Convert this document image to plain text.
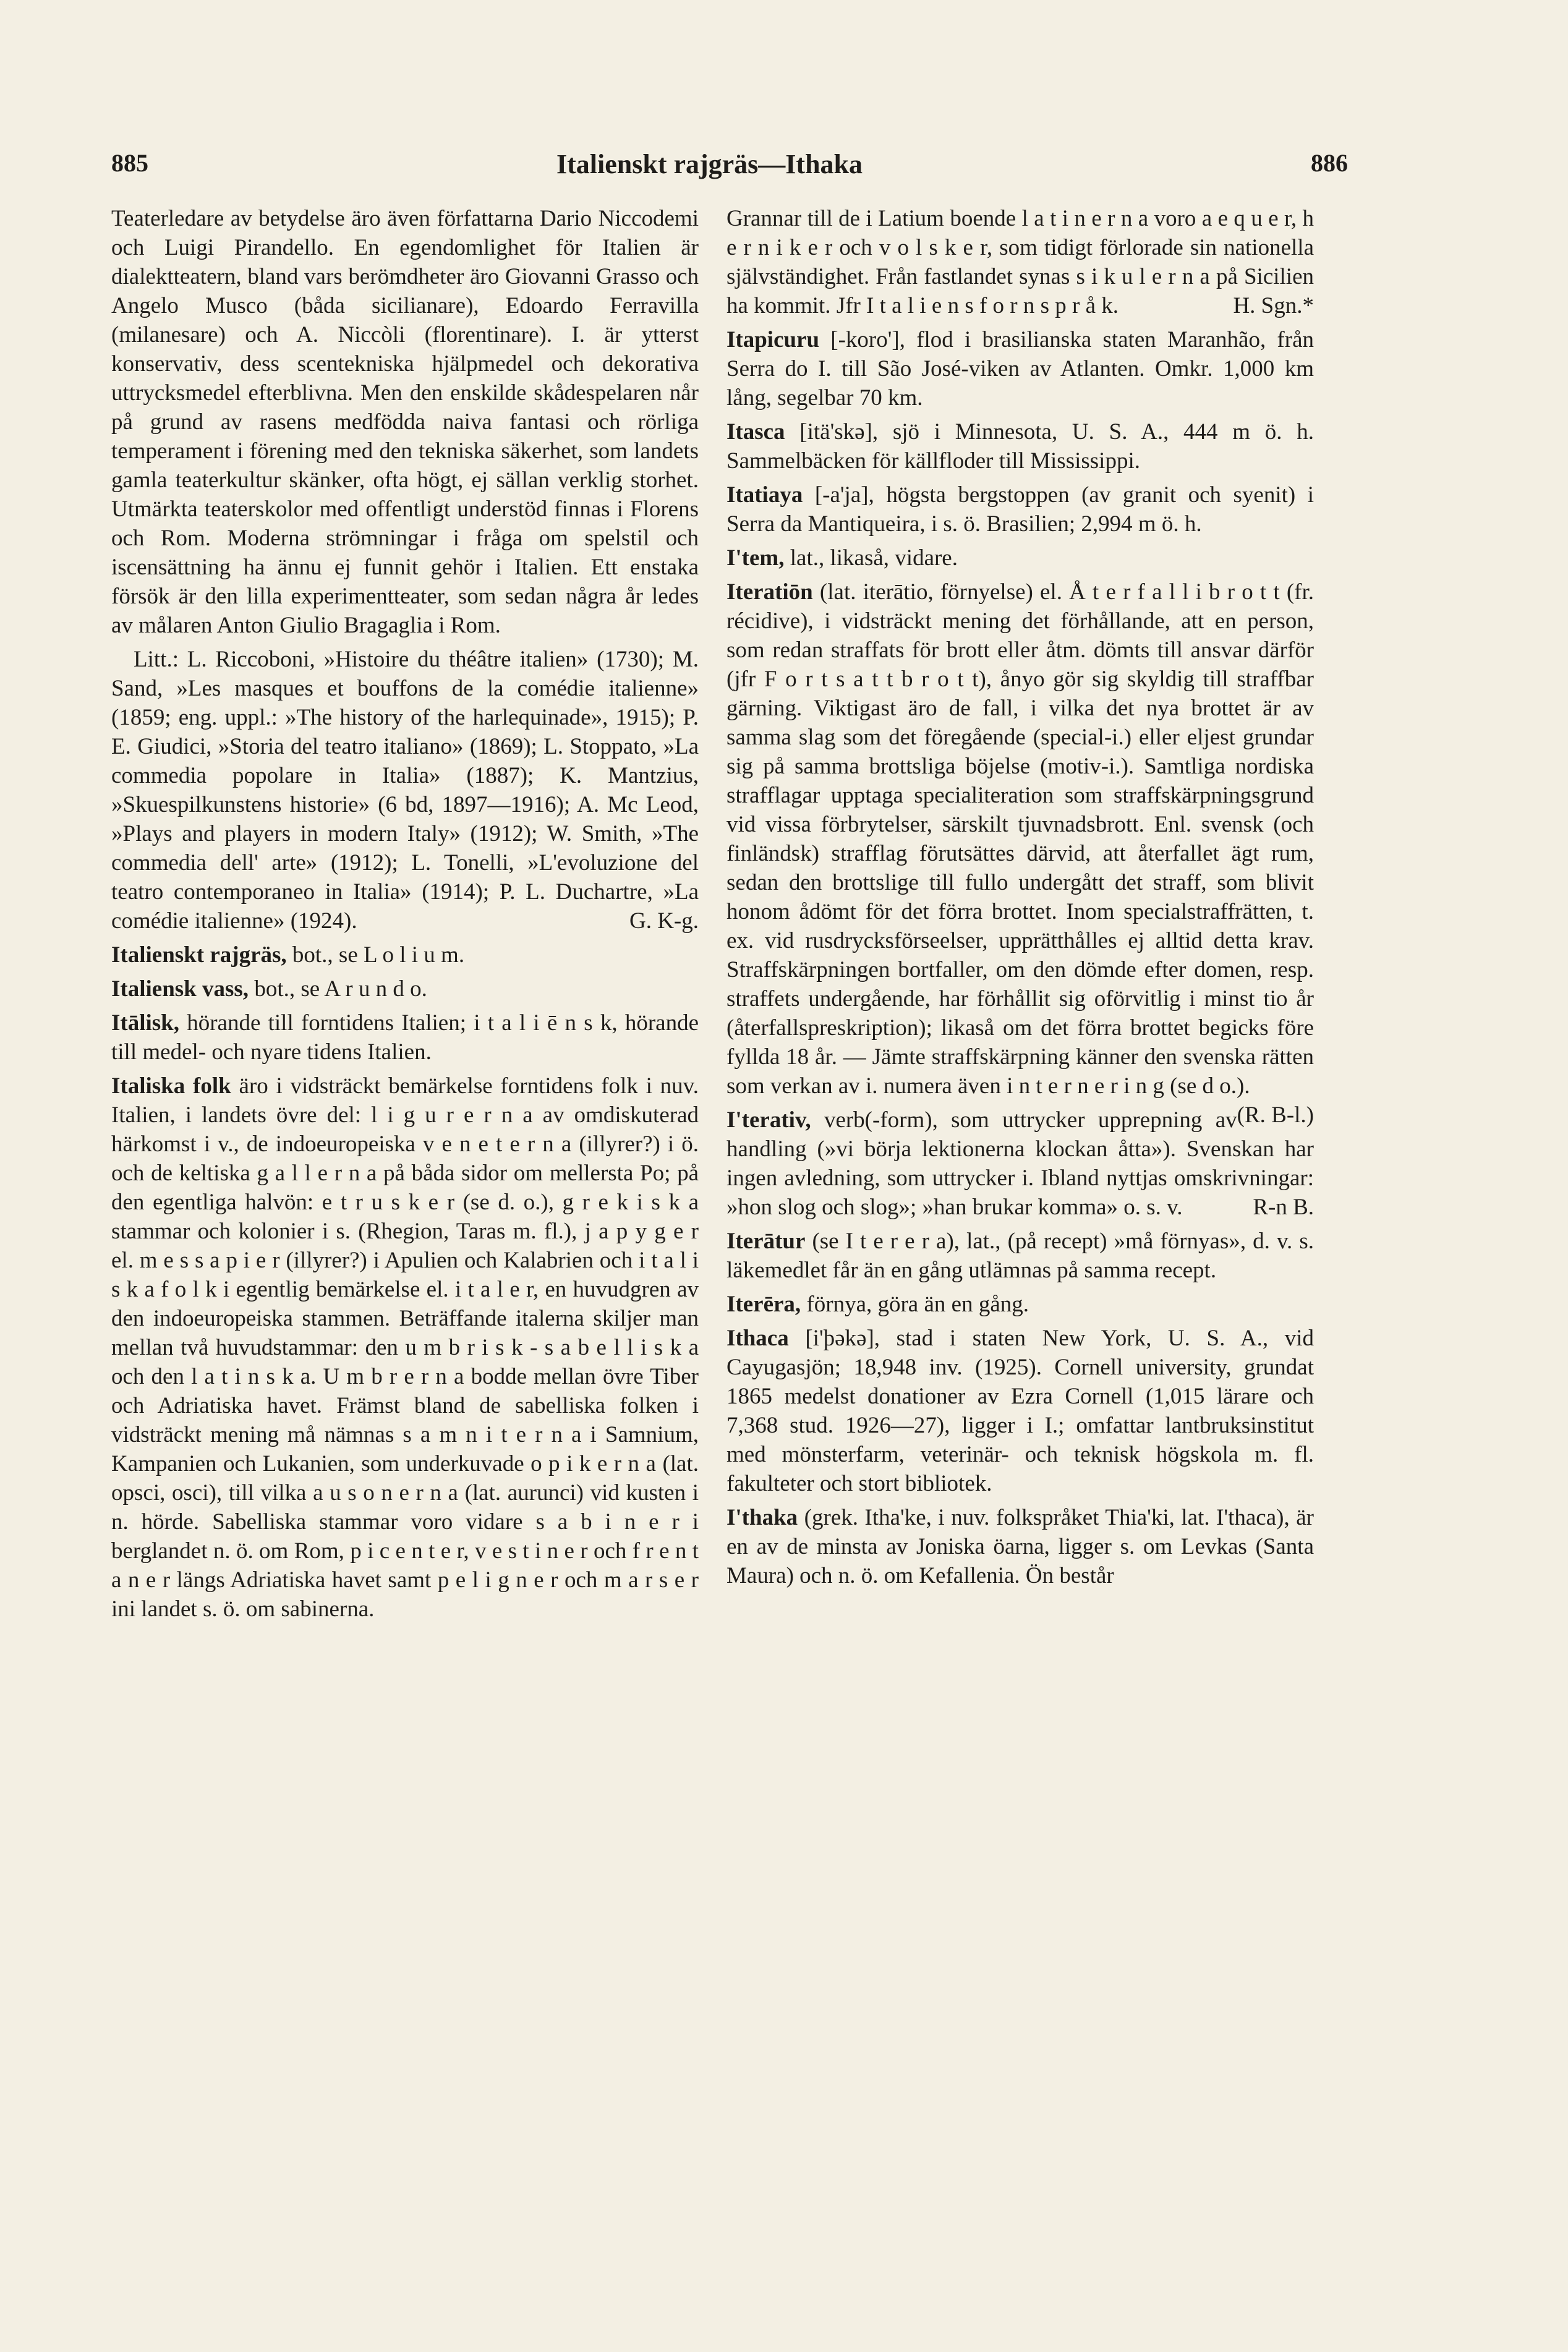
885	Italienskt rajgräs—Ithaka	886

Teaterledare av betydelse äro även författarna Dario Niccodemi och Luigi Pirandello. En egendomlighet för Italien är dialektteatern, bland vars berömdheter äro Giovanni Grasso och Angelo Musco (båda sicilianare), Edoardo Ferravilla (milanesare) och A. Niccòli (florentinare). I. är ytterst konservativ, dess scentekniska hjälpmedel och dekorativa uttrycksmedel efterblivna. Men den enskilde skådespelaren når på grund av rasens medfödda naiva fantasi och rörliga temperament i förening med den tekniska säkerhet, som landets gamla teaterkultur skänker, ofta högt, ej sällan verklig storhet. Utmärkta teaterskolor med offentligt understöd finnas i Florens och Rom. Moderna strömningar i fråga om spelstil och iscensättning ha ännu ej funnit gehör i Italien. Ett enstaka försök är den lilla experimentteater, som sedan några år ledes av målaren Anton Giulio Bragaglia i Rom.

Litt.: L. Riccoboni, »Histoire du théâtre italien» (1730); M. Sand, »Les masques et bouffons de la comédie italienne» (1859; eng. uppl.: »The history of the harlequinade», 1915); P. E. Giudici, »Storia del teatro italiano» (1869); L. Stoppato, »La commedia popolare in Italia» (1887); K. Mantzius, »Skuespilkunstens historie» (6 bd, 1897—1916); A. Mc Leod, »Plays and players in modern Italy» (1912); W. Smith, »The commedia dell' arte» (1912); L. Tonelli, »L'evoluzione del teatro contemporaneo in Italia» (1914); P. L. Duchartre, »La comédie italienne» (1924).	G. K-g.

Italienskt rajgräs, bot., se L o l i u m.

Italiensk vass, bot., se A r u n d o.

Itālisk, hörande till forntidens Italien; i t a l i ē n s k, hörande till medel- och nyare tidens Italien.

Italiska folk äro i vidsträckt bemärkelse forntidens folk i nuv. Italien, i landets övre del: l i g u r e r n a av omdiskuterad härkomst i v., de indoeuropeiska v e n e t e r n a (illyrer?) i ö. och de keltiska g a l l e r n a på båda sidor om mellersta Po; på den egentliga halvön: e t r u s k e r (se d. o.), g r e k i s k a stammar och kolonier i s. (Rhegion, Taras m. fl.), j a p y g e r el. m e s s a p i e r (illyrer?) i Apulien och Kalabrien och i t a l i s k a f o l k i egentlig bemärkelse el. i t a l e r, en huvudgren av den indoeuropeiska stammen. Beträffande italerna skiljer man mellan två huvudstammar: den u m b r i s k - s a b e l l i s k a och den l a t i n s k a. U m b r e r n a bodde mellan övre Tiber och Adriatiska havet. Främst bland de sabelliska folken i vidsträckt mening må nämnas s a m n i t e r n a i Samnium, Kampanien och Lukanien, som underkuvade o p i k e r n a (lat. opsci, osci), till vilka a u s o n e r n a (lat. aurunci) vid kusten i n. hörde. Sabelliska stammar voro vidare s a b i n e r i berglandet n. ö. om Rom, p i c e n t e r, v e s t i n e r och f r e n t a n e r längs Adriatiska havet samt p e l i g n e r och m a r s e r ini landet s. ö. om sabinerna.

Grannar till de i Latium boende l a t i n e r n a voro a e q u e r, h e r n i k e r och v o l s k e r, som tidigt förlorade sin nationella självständighet. Från fastlandet synas s i k u l e r n a på Sicilien ha kommit. Jfr I t a l i e n s f o r n s p r å k.	H. Sgn.*

Itapicuru [-koro'], flod i brasilianska staten Maranhão, från Serra do I. till São José-viken av Atlanten. Omkr. 1,000 km lång, segelbar 70 km.

Itasca [itä'skə], sjö i Minnesota, U. S. A., 444 m ö. h. Sammelbäcken för källfloder till Mississippi.

Itatiaya [-a'ja], högsta bergstoppen (av granit och syenit) i Serra da Mantiqueira, i s. ö. Brasilien; 2,994 m ö. h.

I'tem, lat., likaså, vidare.

Iteratiōn (lat. iterātio, förnyelse) el. Å t e r f a l l i b r o t t (fr. récidive), i vidsträckt mening det förhållande, att en person, som redan straffats för brott eller åtm. dömts till ansvar därför (jfr F o r t s a t t b r o t t), ånyo gör sig skyldig till straffbar gärning. Viktigast äro de fall, i vilka det nya brottet är av samma slag som det föregående (special-i.) eller eljest grundar sig på samma brottsliga böjelse (motiv-i.). Samtliga nordiska strafflagar upptaga specialiteration som straffskärpningsgrund vid vissa förbrytelser, särskilt tjuvnadsbrott. Enl. svensk (och finländsk) strafflag förutsättes därvid, att återfallet ägt rum, sedan den brottslige till fullo undergått det straff, som blivit honom ådömt för det förra brottet. Inom specialstraffrätten, t. ex. vid rusdrycksförseelser, upprätthålles ej alltid detta krav. Straffskärpningen bortfaller, om den dömde efter domen, resp. straffets undergående, har förhållit sig oförvitlig i minst tio år (återfallspreskription); likaså om det förra brottet begicks före fyllda 18 år. — Jämte straffskärpning känner den svenska rätten som verkan av i. numera även i n t e r n e r i n g (se d o.).
(R. B-l.)

I'terativ, verb(-form), som uttrycker upprepning av handling (»vi börja lektionerna klockan åtta»). Svenskan har ingen avledning, som uttrycker i. Ibland nyttjas omskrivningar: »hon slog och slog»; »han brukar komma» o. s. v.	R-n B.

Iterātur (se I t e r e r a), lat., (på recept) »må förnyas», d. v. s. läkemedlet får än en gång utlämnas på samma recept.

Iterēra, förnya, göra än en gång.

Ithaca [i'þəkə], stad i staten New York, U. S. A., vid Cayugasjön; 18,948 inv. (1925). Cornell university, grundat 1865 medelst donationer av Ezra Cornell (1,015 lärare och 7,368 stud. 1926—27), ligger i I.; omfattar lantbruksinstitut med mönsterfarm, veterinär- och teknisk högskola m. fl. fakulteter och stort bibliotek.

I'thaka (grek. Itha'ke, i nuv. folkspråket Thia'ki, lat. I'thaca), är en av de minsta av Joniska öarna, ligger s. om Levkas (Santa Maura) och n. ö. om Kefallenia. Ön består
